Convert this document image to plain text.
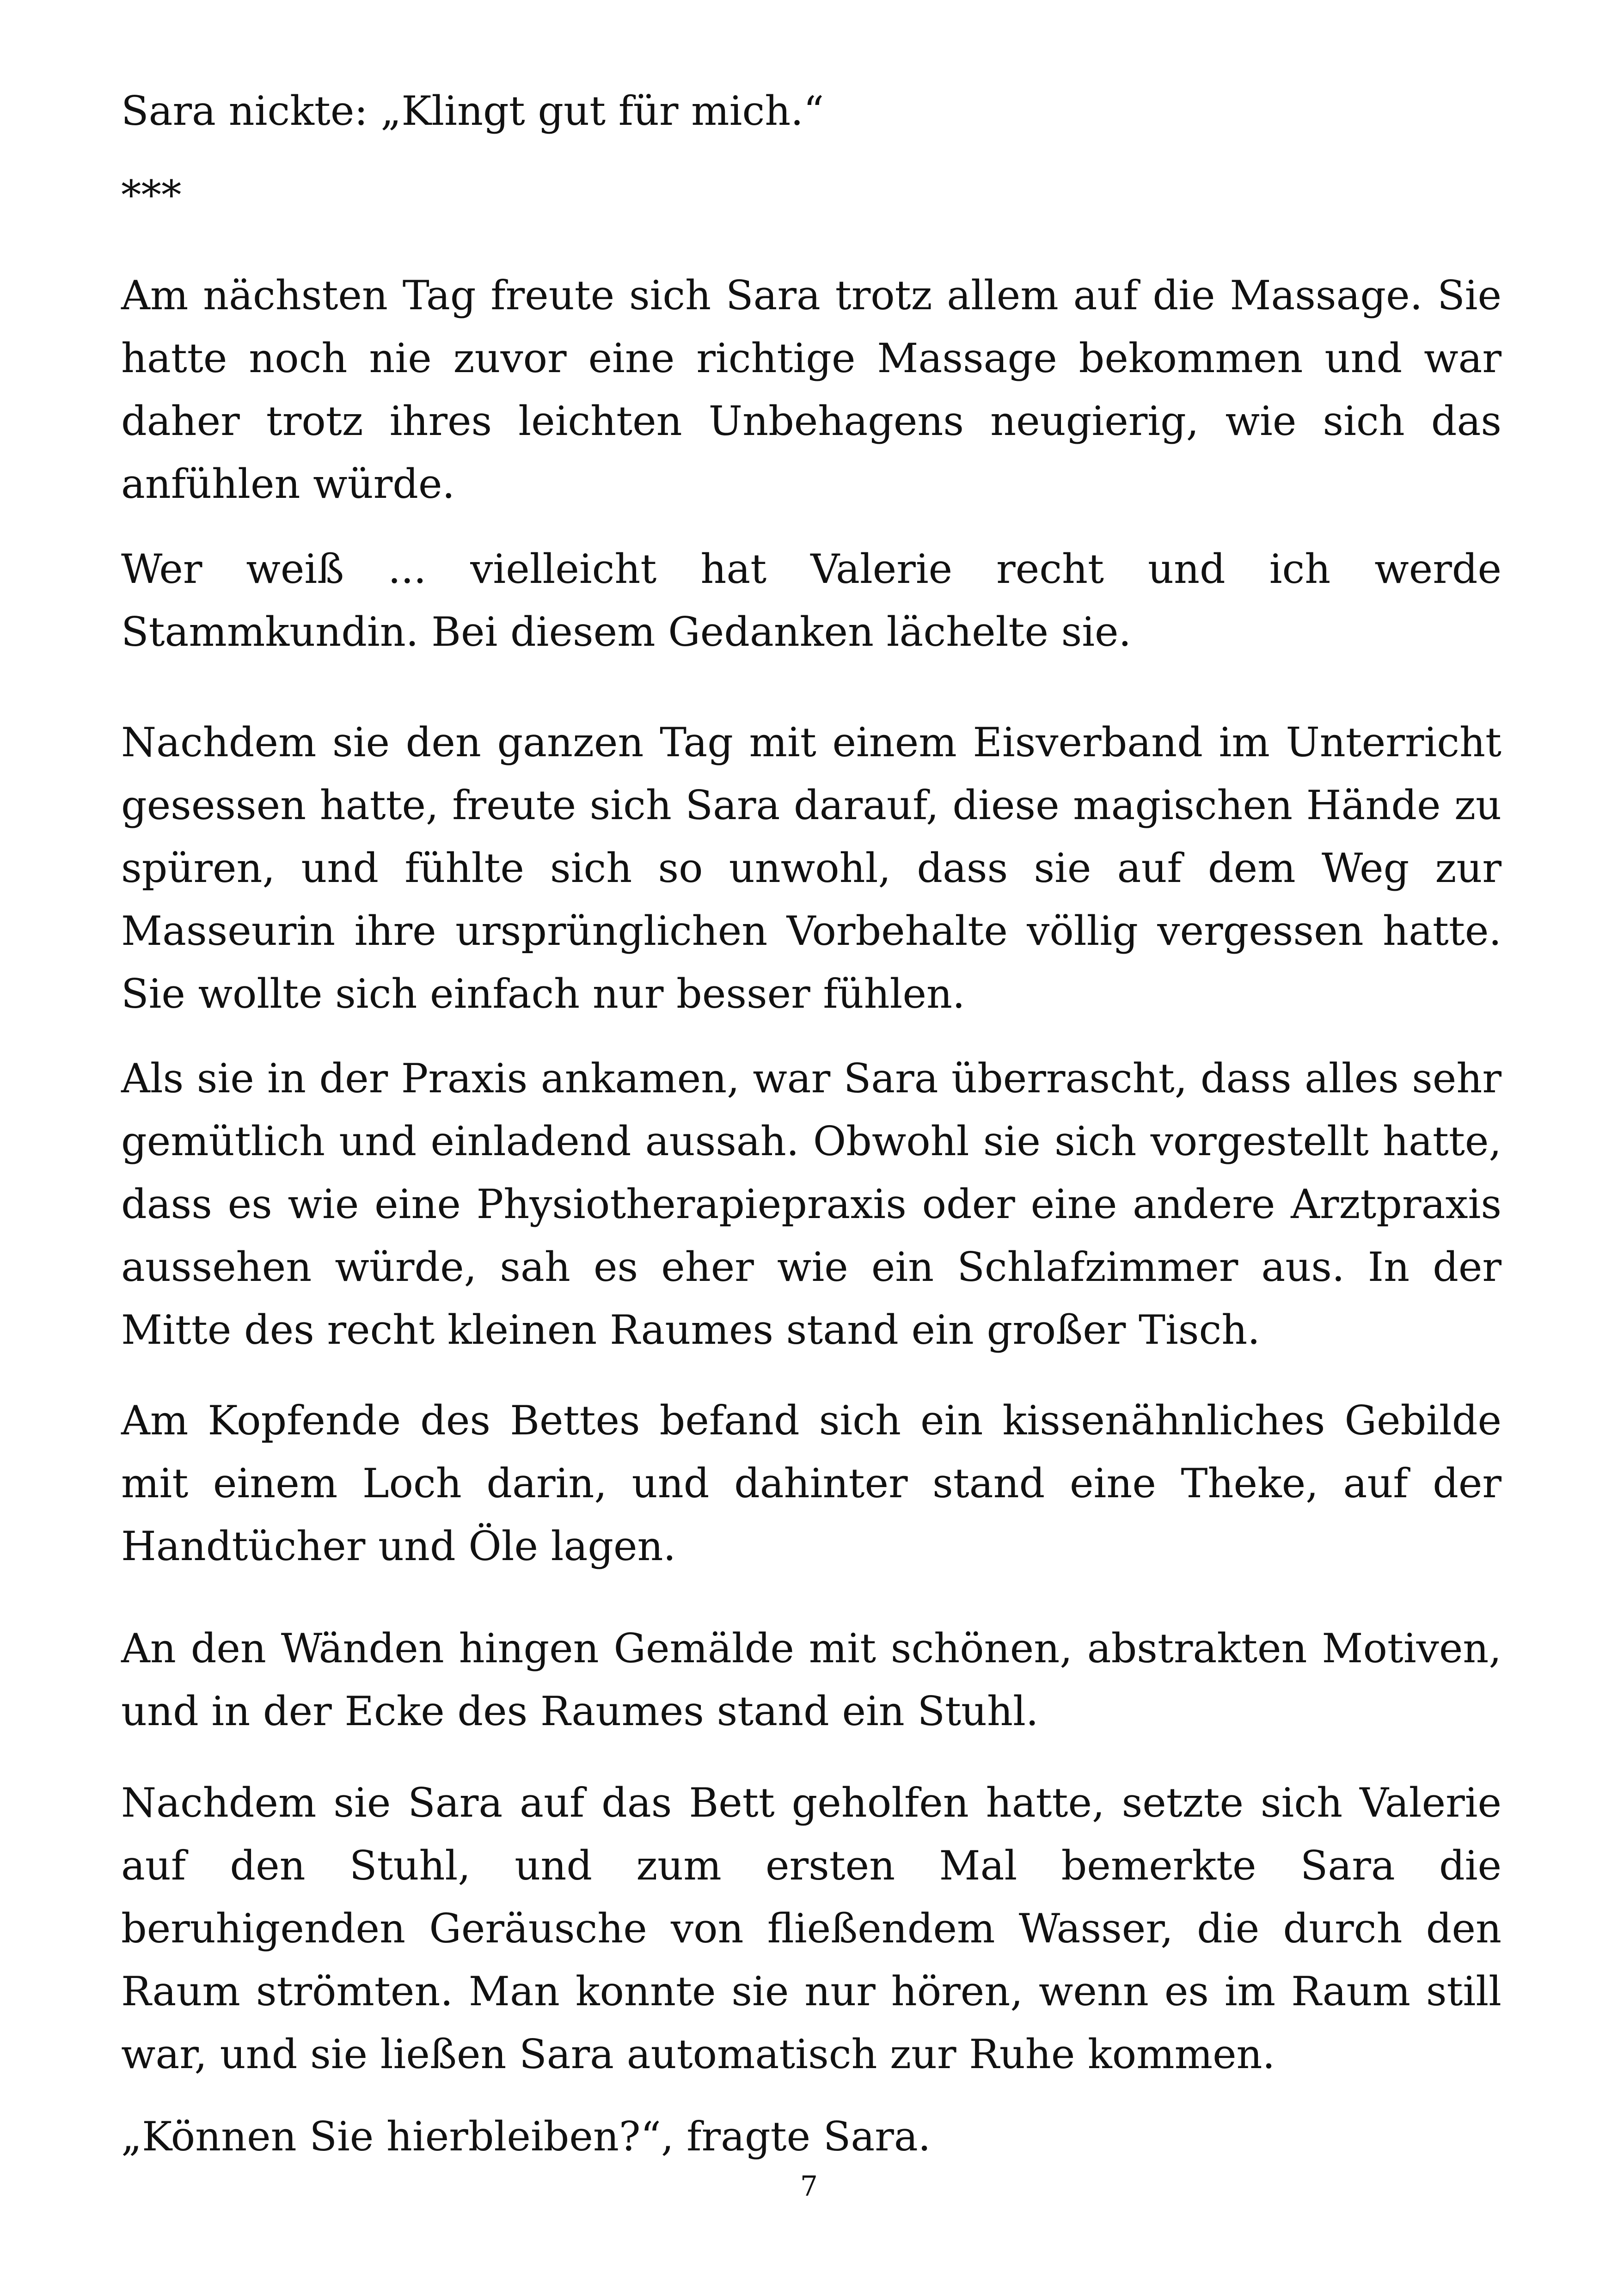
Sara nickte: „Klingt gut für mich.“

***

Am nächsten Tag freute sich Sara trotz allem auf die Massage. Sie hatte noch nie zuvor eine richtige Massage bekommen und war daher trotz ihres leichten Unbehagens neugierig, wie sich das anfühlen würde.

Wer weiß ... vielleicht hat Valerie recht und ich werde Stammkundin. Bei diesem Gedanken lächelte sie.

Nachdem sie den ganzen Tag mit einem Eisverband im Unterricht gesessen hatte, freute sich Sara darauf, diese magischen Hände zu spüren, und fühlte sich so unwohl, dass sie auf dem Weg zur Masseurin ihre ursprünglichen Vorbehalte völlig vergessen hatte. Sie wollte sich einfach nur besser fühlen.

Als sie in der Praxis ankamen, war Sara überrascht, dass alles sehr gemütlich und einladend aussah. Obwohl sie sich vorgestellt hatte, dass es wie eine Physiotherapiepraxis oder eine andere Arztpraxis aussehen würde, sah es eher wie ein Schlafzimmer aus. In der Mitte des recht kleinen Raumes stand ein großer Tisch.

Am Kopfende des Bettes befand sich ein kissenähnliches Gebilde mit einem Loch darin, und dahinter stand eine Theke, auf der Handtücher und Öle lagen.

An den Wänden hingen Gemälde mit schönen, abstrakten Motiven, und in der Ecke des Raumes stand ein Stuhl.

Nachdem sie Sara auf das Bett geholfen hatte, setzte sich Valerie auf den Stuhl, und zum ersten Mal bemerkte Sara die beruhigenden Geräusche von fließendem Wasser, die durch den Raum strömten. Man konnte sie nur hören, wenn es im Raum still war, und sie ließen Sara automatisch zur Ruhe kommen.

„Können Sie hierbleiben?“, fragte Sara.

7
